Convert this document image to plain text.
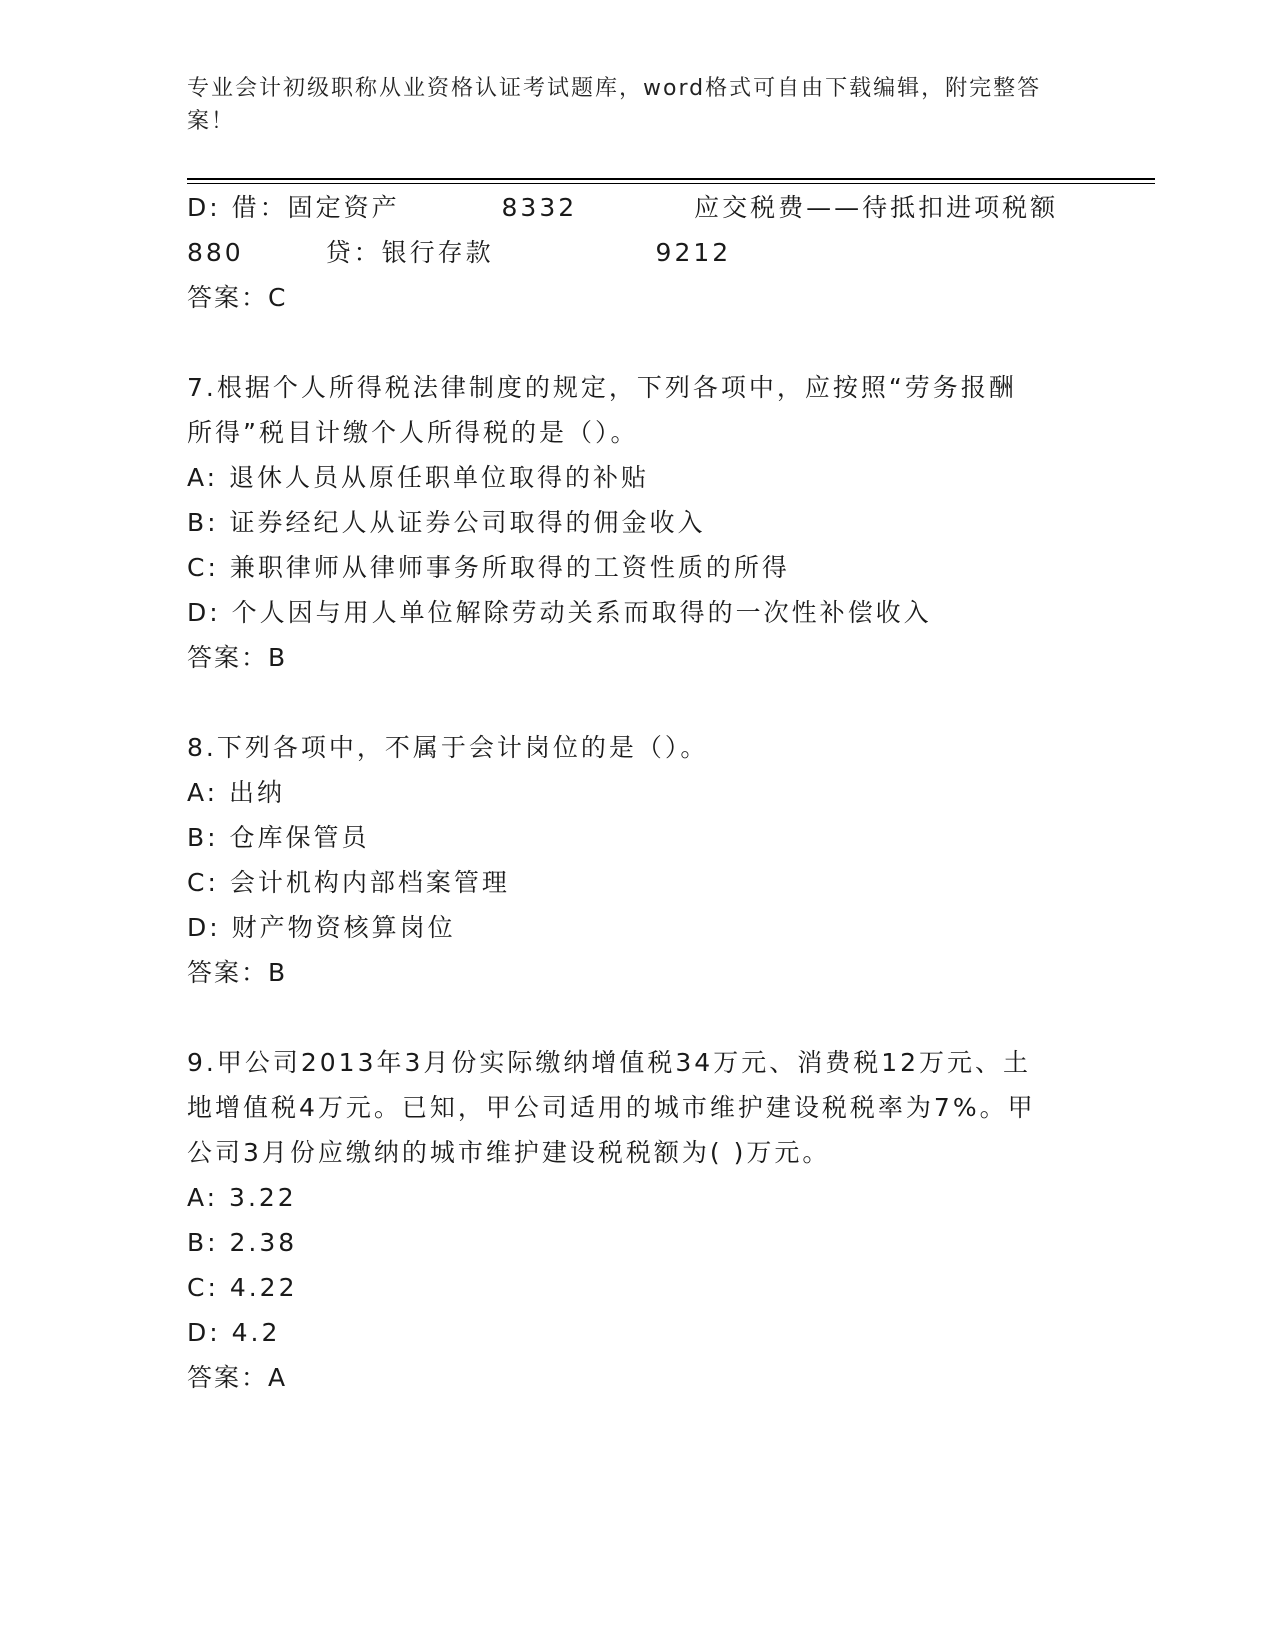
专业会计初级职称从业资格认证考试题库，word格式可自由下载编辑，附完整答
案！
D: 借：固定资产	8332	应交税费——待抵扣进项税额
880	贷：银行存款	9212
答案：C
7.根据个人所得税法律制度的规定，下列各项中，应按照“劳务报酬
所得”税目计缴个人所得税的是（）。
A: 退休人员从原任职单位取得的补贴
B: 证券经纪人从证券公司取得的佣金收入
C: 兼职律师从律师事务所取得的工资性质的所得
D: 个人因与用人单位解除劳动关系而取得的一次性补偿收入
答案：B
8.下列各项中，不属于会计岗位的是（）。
A: 出纳
B: 仓库保管员
C: 会计机构内部档案管理
D: 财产物资核算岗位
答案：B
9.甲公司2013年3月份实际缴纳增值税34万元、消费税12万元、土
地增值税4万元。已知，甲公司适用的城市维护建设税税率为7%。甲
公司3月份应缴纳的城市维护建设税税额为( )万元。
A: 3.22
B: 2.38
C: 4.22
D: 4.2
答案：A
